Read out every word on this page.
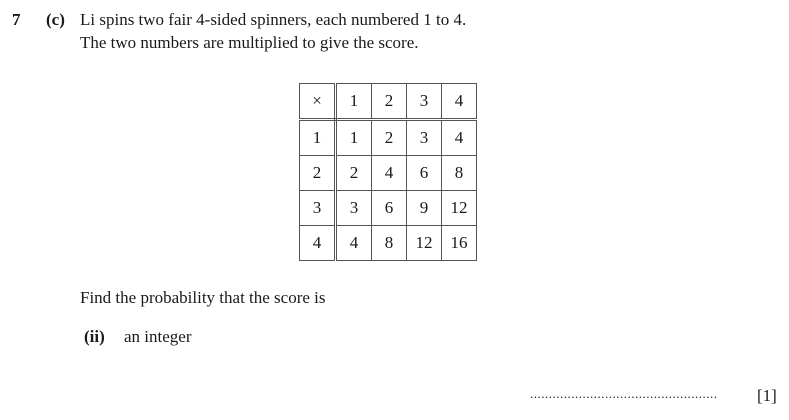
7 (c) Li spins two fair 4-sided spinners, each numbered 1 to 4.
The two numbers are multiplied to give the score.
×	1	2	3	4
1	1	2	3	4
2	2	4	6	8
3	3	6	9	12
4	4	8	12	16
Find the probability that the score is
(ii) an integer
.................................................. [1]
